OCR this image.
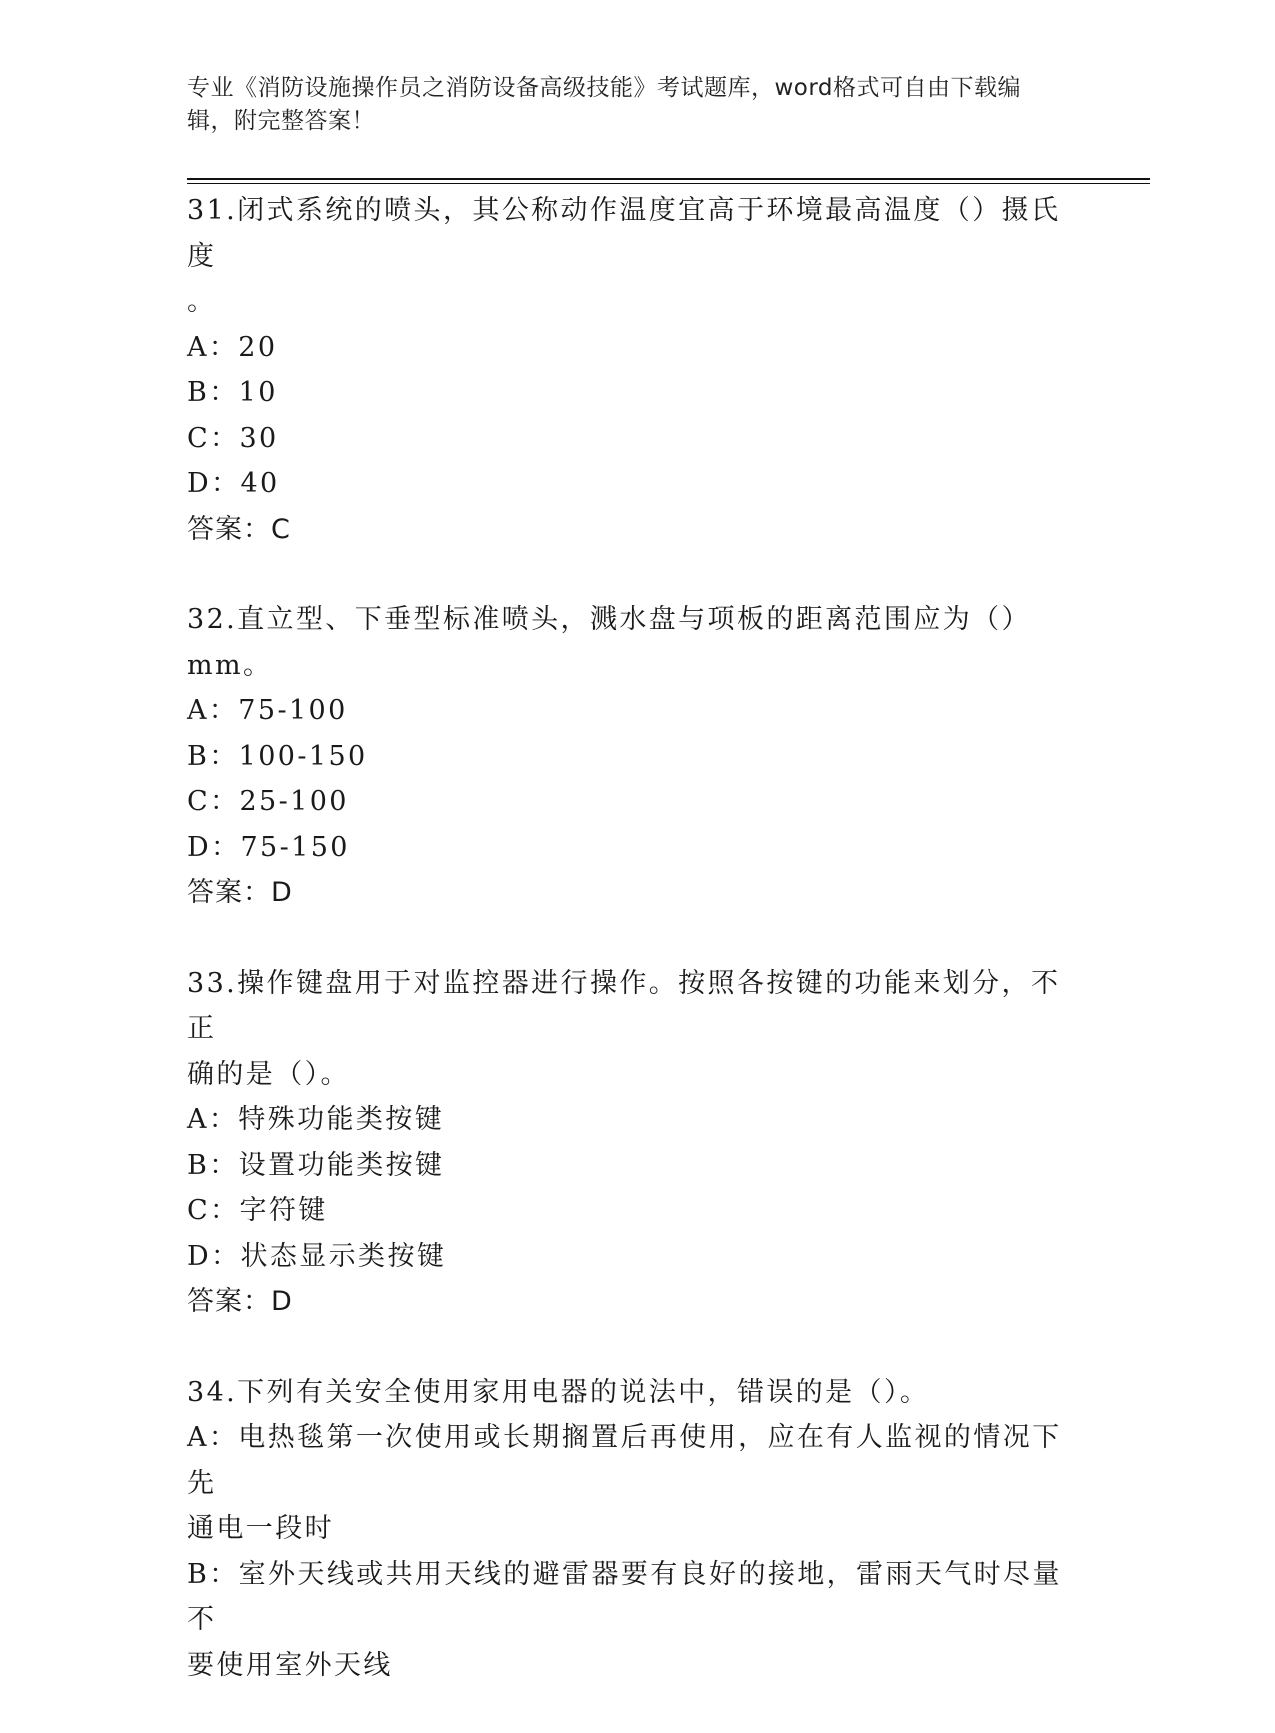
专业《消防设施操作员之消防设备高级技能》考试题库，word格式可自由下载编
辑，附完整答案！
31.闭式系统的喷头，其公称动作温度宜高于环境最高温度（）摄氏度
。
A：20
B：10
C：30
D：40
答案：C
32.直立型、下垂型标准喷头，溅水盘与项板的距离范围应为（）mm。
A：75-100
B：100-150
C：25-100
D：75-150
答案：D
33.操作键盘用于对监控器进行操作。按照各按键的功能来划分，不正
确的是（）。
A：特殊功能类按键
B：设置功能类按键
C：字符键
D：状态显示类按键
答案：D
34.下列有关安全使用家用电器的说法中，错误的是（）。
A：电热毯第一次使用或长期搁置后再使用，应在有人监视的情况下先
通电一段时
B：室外天线或共用天线的避雷器要有良好的接地，雷雨天气时尽量不
要使用室外天线
